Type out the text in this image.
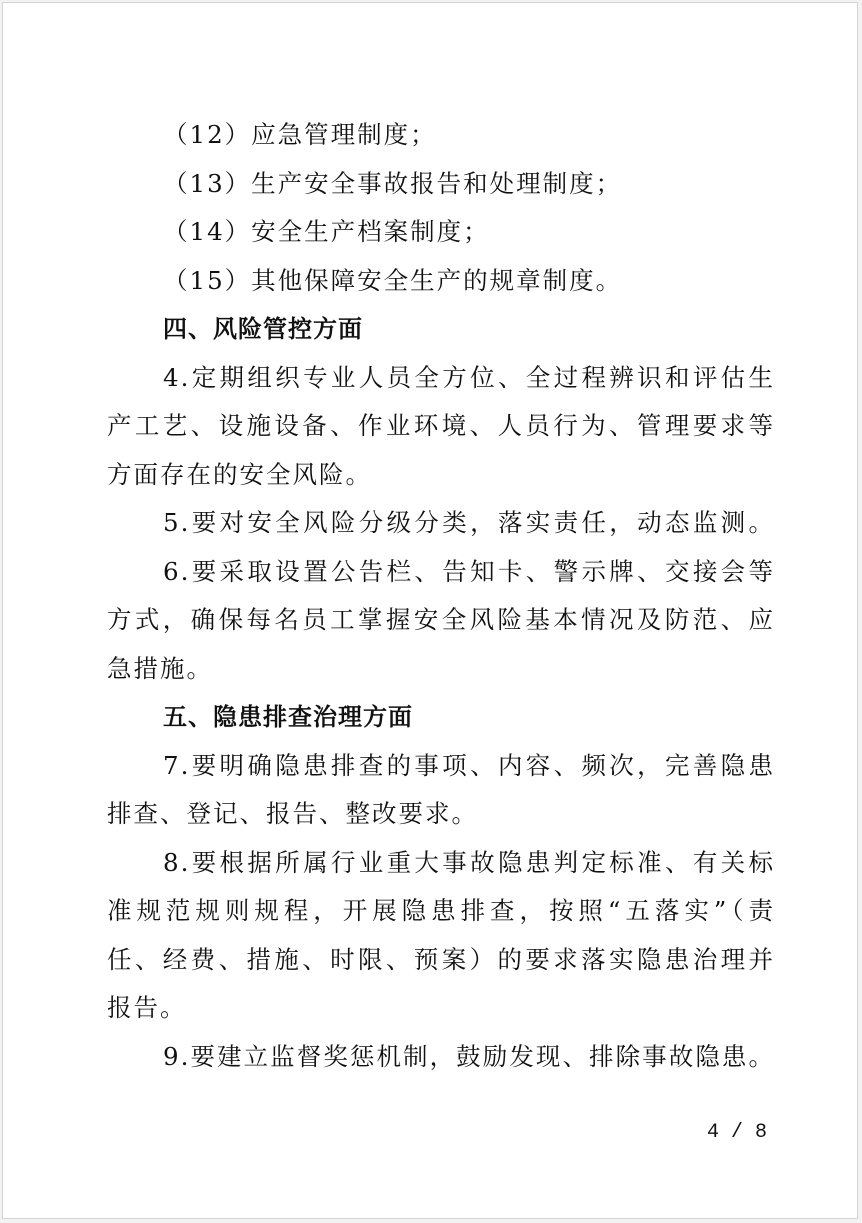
（12）应急管理制度；
（13）生产安全事故报告和处理制度；
（14）安全生产档案制度；
（15）其他保障安全生产的规章制度。
四、风险管控方面
4.定期组织专业人员全方位、全过程辨识和评估生
产工艺、设施设备、作业环境、人员行为、管理要求等
方面存在的安全风险。
5.要对安全风险分级分类，落实责任，动态监测。
6.要采取设置公告栏、告知卡、警示牌、交接会等
方式，确保每名员工掌握安全风险基本情况及防范、应
急措施。
五、隐患排查治理方面
7.要明确隐患排查的事项、内容、频次，完善隐患
排查、登记、报告、整改要求。
8.要根据所属行业重大事故隐患判定标准、有关标
准规范规则规程，开展隐患排查，按照“五落实”（责
任、经费、措施、时限、预案）的要求落实隐患治理并
报告。
9.要建立监督奖惩机制，鼓励发现、排除事故隐患。
4 / 8
